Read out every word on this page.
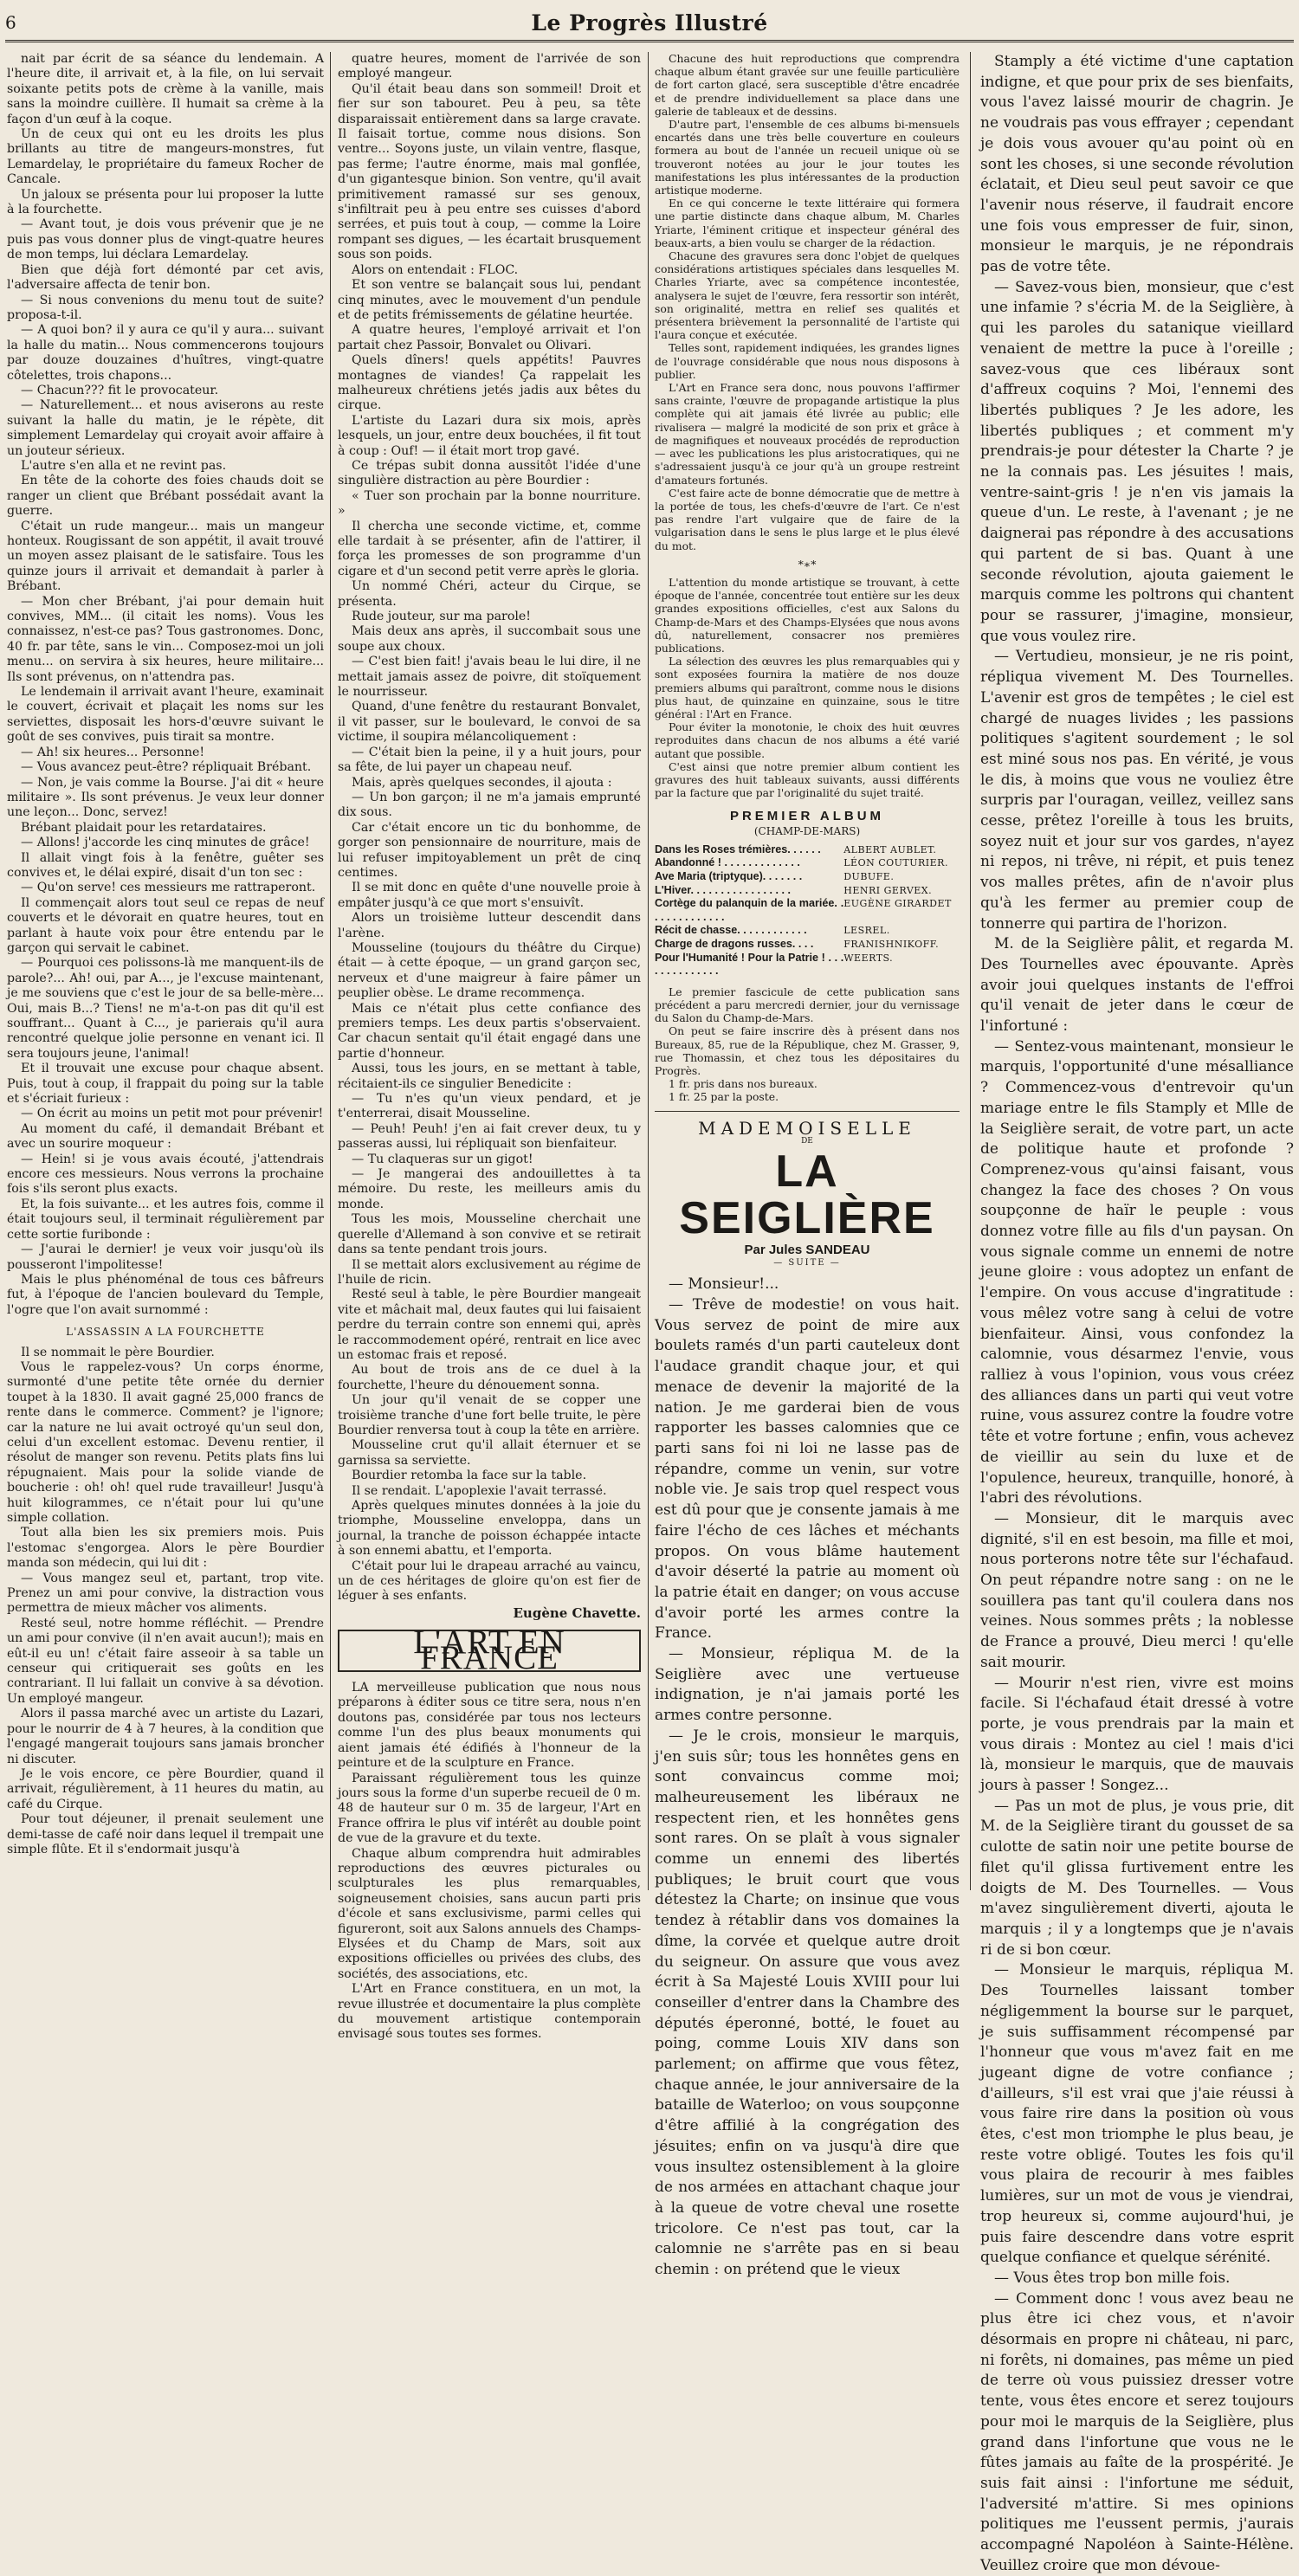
6	Le Progrès Illustré

nait par écrit de sa séance du lendemain. A l'heure dite, il arrivait et, à la file, on lui servait soixante petits pots de crème à la vanille, mais sans la moindre cuillère. Il humait sa crème à la façon d'un œuf à la coque.

Un de ceux qui ont eu les droits les plus brillants au titre de mangeurs-monstres, fut Lemardelay, le propriétaire du fameux Rocher de Cancale.

Un jaloux se présenta pour lui proposer la lutte à la fourchette.

— Avant tout, je dois vous prévenir que je ne puis pas vous donner plus de vingt-quatre heures de mon temps, lui déclara Lemardelay.

Bien que déjà fort démonté par cet avis, l'adversaire affecta de tenir bon.

— Si nous convenions du menu tout de suite? proposa-t-il.

— A quoi bon? il y aura ce qu'il y aura... suivant la halle du matin... Nous commencerons toujours par douze douzaines d'huîtres, vingt-quatre côtelettes, trois chapons...

— Chacun??? fit le provocateur.

— Naturellement... et nous aviserons au reste suivant la halle du matin, je le répète, dit simplement Lemardelay qui croyait avoir affaire à un jouteur sérieux.

L'autre s'en alla et ne revint pas.

En tête de la cohorte des foies chauds doit se ranger un client que Brébant possédait avant la guerre.

C'était un rude mangeur... mais un mangeur honteux. Rougissant de son appétit, il avait trouvé un moyen assez plaisant de le satisfaire. Tous les quinze jours il arrivait et demandait à parler à Brébant.

— Mon cher Brébant, j'ai pour demain huit convives, MM... (il citait les noms). Vous les connaissez, n'est-ce pas? Tous gastronomes. Donc, 40 fr. par tête, sans le vin... Composez-moi un joli menu... on servira à six heures, heure militaire... Ils sont prévenus, on n'attendra pas.

Le lendemain il arrivait avant l'heure, examinait le couvert, écrivait et plaçait les noms sur les serviettes, disposait les hors-d'œuvre suivant le goût de ses convives, puis tirait sa montre.

— Ah! six heures... Personne!

— Vous avancez peut-être? répliquait Brébant.

— Non, je vais comme la Bourse. J'ai dit « heure militaire ». Ils sont prévenus. Je veux leur donner une leçon... Donc, servez!

Brébant plaidait pour les retardataires.

— Allons! j'accorde les cinq minutes de grâce!

Il allait vingt fois à la fenêtre, guêter ses convives et, le délai expiré, disait d'un ton sec :

— Qu'on serve! ces messieurs me rattraperont.

Il commençait alors tout seul ce repas de neuf couverts et le dévorait en quatre heures, tout en parlant à haute voix pour être entendu par le garçon qui servait le cabinet.

— Pourquoi ces polissons-là me manquent-ils de parole?... Ah! oui, par A..., je l'excuse maintenant, je me souviens que c'est le jour de sa belle-mère... Oui, mais B...? Tiens! ne m'a-t-on pas dit qu'il est souffrant... Quant à C..., je parierais qu'il aura rencontré quelque jolie personne en venant ici. Il sera toujours jeune, l'animal!

Et il trouvait une excuse pour chaque absent. Puis, tout à coup, il frappait du poing sur la table et s'écriait furieux :

— On écrit au moins un petit mot pour prévenir!

Au moment du café, il demandait Brébant et avec un sourire moqueur :

— Hein! si je vous avais écouté, j'attendrais encore ces messieurs. Nous verrons la prochaine fois s'ils seront plus exacts.

Et, la fois suivante... et les autres fois, comme il était toujours seul, il terminait régulièrement par cette sortie furibonde :

— J'aurai le dernier! je veux voir jusqu'où ils pousseront l'impolitesse!

Mais le plus phénoménal de tous ces bâfreurs fut, à l'époque de l'ancien boulevard du Temple, l'ogre que l'on avait surnommé :

L'ASSASSIN A LA FOURCHETTE

Il se nommait le père Bourdier.

Vous le rappelez-vous? Un corps énorme, surmonté d'une petite tête ornée du dernier toupet à la 1830. Il avait gagné 25,000 francs de rente dans le commerce. Comment? je l'ignore; car la nature ne lui avait octroyé qu'un seul don, celui d'un excellent estomac. Devenu rentier, il résolut de manger son revenu. Petits plats fins lui répugnaient. Mais pour la solide viande de boucherie : oh! oh! quel rude travailleur! Jusqu'à huit kilogrammes, ce n'était pour lui qu'une simple collation.

Tout alla bien les six premiers mois. Puis l'estomac s'engorgea. Alors le père Bourdier manda son médecin, qui lui dit :

— Vous mangez seul et, partant, trop vite. Prenez un ami pour convive, la distraction vous permettra de mieux mâcher vos aliments.

Resté seul, notre homme réfléchit. — Prendre un ami pour convive (il n'en avait aucun!); mais en eût-il eu un! c'était faire asseoir à sa table un censeur qui critiquerait ses goûts en les contrariant. Il lui fallait un convive à sa dévotion. Un employé mangeur.

Alors il passa marché avec un artiste du Lazari, pour le nourrir de 4 à 7 heures, à la condition que l'engagé mangerait toujours sans jamais broncher ni discuter.

Je le vois encore, ce père Bourdier, quand il arrivait, régulièrement, à 11 heures du matin, au café du Cirque.

Pour tout déjeuner, il prenait seulement une demi-tasse de café noir dans lequel il trempait une simple flûte. Et il s'endormait jusqu'à

quatre heures, moment de l'arrivée de son employé mangeur.

Qu'il était beau dans son sommeil! Droit et fier sur son tabouret. Peu à peu, sa tête disparaissait entièrement dans sa large cravate. Il faisait tortue, comme nous disions. Son ventre... Soyons juste, un vilain ventre, flasque, pas ferme; l'autre énorme, mais mal gonflée, d'un gigantesque binion. Son ventre, qu'il avait primitivement ramassé sur ses genoux, s'infiltrait peu à peu entre ses cuisses d'abord serrées, et puis tout à coup, — comme la Loire rompant ses digues, — les écartait brusquement sous son poids.

Alors on entendait : FLOC.

Et son ventre se balançait sous lui, pendant cinq minutes, avec le mouvement d'un pendule et de petits frémissements de gélatine heurtée.

A quatre heures, l'employé arrivait et l'on partait chez Passoir, Bonvalet ou Olivari.

Quels dîners! quels appétits! Pauvres montagnes de viandes! Ça rappelait les malheureux chrétiens jetés jadis aux bêtes du cirque.

L'artiste du Lazari dura six mois, après lesquels, un jour, entre deux bouchées, il fit tout à coup : Ouf! — il était mort trop gavé.

Ce trépas subit donna aussitôt l'idée d'une singulière distraction au père Bourdier :

« Tuer son prochain par la bonne nourriture. »

Il chercha une seconde victime, et, comme elle tardait à se présenter, afin de l'attirer, il força les promesses de son programme d'un cigare et d'un second petit verre après le gloria.

Un nommé Chéri, acteur du Cirque, se présenta.

Rude jouteur, sur ma parole!

Mais deux ans après, il succombait sous une soupe aux choux.

— C'est bien fait! j'avais beau le lui dire, il ne mettait jamais assez de poivre, dit stoïquement le nourrisseur.

Quand, d'une fenêtre du restaurant Bonvalet, il vit passer, sur le boulevard, le convoi de sa victime, il soupira mélancoliquement :

— C'était bien la peine, il y a huit jours, pour sa fête, de lui payer un chapeau neuf.

Mais, après quelques secondes, il ajouta :

— Un bon garçon; il ne m'a jamais emprunté dix sous.

Car c'était encore un tic du bonhomme, de gorger son pensionnaire de nourriture, mais de lui refuser impitoyablement un prêt de cinq centimes.

Il se mit donc en quête d'une nouvelle proie à empâter jusqu'à ce que mort s'ensuivît.

Alors un troisième lutteur descendit dans l'arène.

Mousseline (toujours du théâtre du Cirque) était — à cette époque, — un grand garçon sec, nerveux et d'une maigreur à faire pâmer un peuplier obèse. Le drame recommença.

Mais ce n'était plus cette confiance des premiers temps. Les deux partis s'observaient. Car chacun sentait qu'il était engagé dans une partie d'honneur.

Aussi, tous les jours, en se mettant à table, récitaient-ils ce singulier Benedicite :

— Tu n'es qu'un vieux pendard, et je t'enterrerai, disait Mousseline.

— Peuh! Peuh! j'en ai fait crever deux, tu y passeras aussi, lui répliquait son bienfaiteur.

— Tu claqueras sur un gigot!

— Je mangerai des andouillettes à ta mémoire. Du reste, les meilleurs amis du monde.

Tous les mois, Mousseline cherchait une querelle d'Allemand à son convive et se retirait dans sa tente pendant trois jours.

Il se mettait alors exclusivement au régime de l'huile de ricin.

Resté seul à table, le père Bourdier mangeait vite et mâchait mal, deux fautes qui lui faisaient perdre du terrain contre son ennemi qui, après le raccommodement opéré, rentrait en lice avec un estomac frais et reposé.

Au bout de trois ans de ce duel à la fourchette, l'heure du dénouement sonna.

Un jour qu'il venait de se copper une troisième tranche d'une fort belle truite, le père Bourdier renversa tout à coup la tête en arrière.

Mousseline crut qu'il allait éternuer et se garnissa sa serviette.

Bourdier retomba la face sur la table.

Il se rendait. L'apoplexie l'avait terrassé.

Après quelques minutes données à la joie du triomphe, Mousseline enveloppa, dans un journal, la tranche de poisson échappée intacte à son ennemi abattu, et l'emporta.

C'était pour lui le drapeau arraché au vaincu, un de ces héritages de gloire qu'on est fier de léguer à ses enfants.

Eugène Chavette.

L'ART EN FRANCE

LA merveilleuse publication que nous nous préparons à éditer sous ce titre sera, nous n'en doutons pas, considérée par tous nos lecteurs comme l'un des plus beaux monuments qui aient jamais été édifiés à l'honneur de la peinture et de la sculpture en France.

Paraissant régulièrement tous les quinze jours sous la forme d'un superbe recueil de 0 m. 48 de hauteur sur 0 m. 35 de largeur, l'Art en France offrira le plus vif intérêt au double point de vue de la gravure et du texte.

Chaque album comprendra huit admirables reproductions des œuvres picturales ou sculpturales les plus remarquables, soigneusement choisies, sans aucun parti pris d'école et sans exclusivisme, parmi celles qui figureront, soit aux Salons annuels des Champs-Elysées et du Champ de Mars, soit aux expositions officielles ou privées des clubs, des sociétés, des associations, etc.

L'Art en France constituera, en un mot, la revue illustrée et documentaire la plus complète du mouvement artistique contemporain envisagé sous toutes ses formes.

Chacune des huit reproductions que comprendra chaque album étant gravée sur une feuille particulière de fort carton glacé, sera susceptible d'être encadrée et de prendre individuellement sa place dans une galerie de tableaux et de dessins.

D'autre part, l'ensemble de ces albums bi-mensuels encartés dans une très belle couverture en couleurs formera au bout de l'année un recueil unique où se trouveront notées au jour le jour toutes les manifestations les plus intéressantes de la production artistique moderne.

En ce qui concerne le texte littéraire qui formera une partie distincte dans chaque album, M. Charles Yriarte, l'éminent critique et inspecteur général des beaux-arts, a bien voulu se charger de la rédaction.

Chacune des gravures sera donc l'objet de quelques considérations artistiques spéciales dans lesquelles M. Charles Yriarte, avec sa compétence incontestée, analysera le sujet de l'œuvre, fera ressortir son intérêt, son originalité, mettra en relief ses qualités et présentera brièvement la personnalité de l'artiste qui l'aura conçue et exécutée.

Telles sont, rapidement indiquées, les grandes lignes de l'ouvrage considérable que nous nous disposons à publier.

L'Art en France sera donc, nous pouvons l'affirmer sans crainte, l'œuvre de propagande artistique la plus complète qui ait jamais été livrée au public; elle rivalisera — malgré la modicité de son prix et grâce à de magnifiques et nouveaux procédés de reproduction — avec les publications les plus aristocratiques, qui ne s'adressaient jusqu'à ce jour qu'à un groupe restreint d'amateurs fortunés.

C'est faire acte de bonne démocratie que de mettre à la portée de tous, les chefs-d'œuvre de l'art. Ce n'est pas rendre l'art vulgaire que de faire de la vulgarisation dans le sens le plus large et le plus élevé du mot.

*∗*

L'attention du monde artistique se trouvant, à cette époque de l'année, concentrée tout entière sur les deux grandes expositions officielles, c'est aux Salons du Champ-de-Mars et des Champs-Elysées que nous avons dû, naturellement, consacrer nos premières publications.

La sélection des œuvres les plus remarquables qui y sont exposées fournira la matière de nos douze premiers albums qui paraîtront, comme nous le disions plus haut, de quinzaine en quinzaine, sous le titre général : l'Art en France.

Pour éviter la monotonie, le choix des huit œuvres reproduites dans chacun de nos albums a été varié autant que possible.

C'est ainsi que notre premier album contient les gravures des huit tableaux suivants, aussi différents par la facture que par l'originalité du sujet traité.

PREMIER ALBUM

(CHAMP-DE-MARS)

Dans les Roses trémières. . . . . .	ALBERT AUBLET.
Abandonné ! . . . . . . . . . . . . .	LÉON COUTURIER.
Ave Maria (triptyque). . . . . . .	DUBUFE.
L'Hiver. . . . . . . . . . . . . . . . .	HENRI GERVEX.
Cortège du palanquin de la mariée. . . . . . . . . . . . . .	EUGÈNE GIRARDET
Récit de chasse. . . . . . . . . . . .	LESREL.
Charge de dragons russes. . . .	FRANISHNIKOFF.
Pour l'Humanité ! Pour la Patrie ! . . . . . . . . . . . . . .	WEERTS.

Le premier fascicule de cette publication sans précédent a paru mercredi dernier, jour du vernissage du Salon du Champ-de-Mars.

On peut se faire inscrire dès à présent dans nos Bureaux, 85, rue de la République, chez M. Grasser, 9, rue Thomassin, et chez tous les dépositaires du Progrès.

1 fr. pris dans nos bureaux.

1 fr. 25 par la poste.

MADEMOISELLE

DE

LA SEIGLIÈRE

Par Jules SANDEAU

— SUITE —

— Monsieur!...

— Trêve de modestie! on vous hait. Vous servez de point de mire aux boulets ramés d'un parti cauteleux dont l'audace grandit chaque jour, et qui menace de devenir la majorité de la nation. Je me garderai bien de vous rapporter les basses calomnies que ce parti sans foi ni loi ne lasse pas de répandre, comme un venin, sur votre noble vie. Je sais trop quel respect vous est dû pour que je consente jamais à me faire l'écho de ces lâches et méchants propos. On vous blâme hautement d'avoir déserté la patrie au moment où la patrie était en danger; on vous accuse d'avoir porté les armes contre la France.

— Monsieur, répliqua M. de la Seiglière avec une vertueuse indignation, je n'ai jamais porté les armes contre personne.

— Je le crois, monsieur le marquis, j'en suis sûr; tous les honnêtes gens en sont convaincus comme moi; malheureusement les libéraux ne respectent rien, et les honnêtes gens sont rares. On se plaît à vous signaler comme un ennemi des libertés publiques; le bruit court que vous détestez la Charte; on insinue que vous tendez à rétablir dans vos domaines la dîme, la corvée et quelque autre droit du seigneur. On assure que vous avez écrit à Sa Majesté Louis XVIII pour lui conseiller d'entrer dans la Chambre des députés éperonné, botté, le fouet au poing, comme Louis XIV dans son parlement; on affirme que vous fêtez, chaque année, le jour anniversaire de la bataille de Waterloo; on vous soupçonne d'être affilié à la congrégation des jésuites; enfin on va jusqu'à dire que vous insultez ostensiblement à la gloire de nos armées en attachant chaque jour à la queue de votre cheval une rosette tricolore. Ce n'est pas tout, car la calomnie ne s'arrête pas en si beau chemin : on prétend que le vieux

Stamply a été victime d'une captation indigne, et que pour prix de ses bienfaits, vous l'avez laissé mourir de chagrin. Je ne voudrais pas vous effrayer ; cependant je dois vous avouer qu'au point où en sont les choses, si une seconde révolution éclatait, et Dieu seul peut savoir ce que l'avenir nous réserve, il faudrait encore une fois vous empresser de fuir, sinon, monsieur le marquis, je ne répondrais pas de votre tête.

— Savez-vous bien, monsieur, que c'est une infamie ? s'écria M. de la Seiglière, à qui les paroles du satanique vieillard venaient de mettre la puce à l'oreille ; savez-vous que ces libéraux sont d'affreux coquins ? Moi, l'ennemi des libertés publiques ? Je les adore, les libertés publiques ; et comment m'y prendrais-je pour détester la Charte ? je ne la connais pas. Les jésuites ! mais, ventre-saint-gris ! je n'en vis jamais la queue d'un. Le reste, à l'avenant ; je ne daignerai pas répondre à des accusations qui partent de si bas. Quant à une seconde révolution, ajouta gaiement le marquis comme les poltrons qui chantent pour se rassurer, j'imagine, monsieur, que vous voulez rire.

— Vertudieu, monsieur, je ne ris point, répliqua vivement M. Des Tournelles. L'avenir est gros de tempêtes ; le ciel est chargé de nuages livides ; les passions politiques s'agitent sourdement ; le sol est miné sous nos pas. En vérité, je vous le dis, à moins que vous ne vouliez être surpris par l'ouragan, veillez, veillez sans cesse, prêtez l'oreille à tous les bruits, soyez nuit et jour sur vos gardes, n'ayez ni repos, ni trêve, ni répit, et puis tenez vos malles prêtes, afin de n'avoir plus qu'à les fermer au premier coup de tonnerre qui partira de l'horizon.

M. de la Seiglière pâlit, et regarda M. Des Tournelles avec épouvante. Après avoir joui quelques instants de l'effroi qu'il venait de jeter dans le cœur de l'infortuné :

— Sentez-vous maintenant, monsieur le marquis, l'opportunité d'une mésalliance ? Commencez-vous d'entrevoir qu'un mariage entre le fils Stamply et Mlle de la Seiglière serait, de votre part, un acte de politique haute et profonde ? Comprenez-vous qu'ainsi faisant, vous changez la face des choses ? On vous soupçonne de haïr le peuple : vous donnez votre fille au fils d'un paysan. On vous signale comme un ennemi de notre jeune gloire : vous adoptez un enfant de l'empire. On vous accuse d'ingratitude : vous mêlez votre sang à celui de votre bienfaiteur. Ainsi, vous confondez la calomnie, vous désarmez l'envie, vous ralliez à vous l'opinion, vous vous créez des alliances dans un parti qui veut votre ruine, vous assurez contre la foudre votre tête et votre fortune ; enfin, vous achevez de vieillir au sein du luxe et de l'opulence, heureux, tranquille, honoré, à l'abri des révolutions.

— Monsieur, dit le marquis avec dignité, s'il en est besoin, ma fille et moi, nous porterons notre tête sur l'échafaud. On peut répandre notre sang : on ne le souillera pas tant qu'il coulera dans nos veines. Nous sommes prêts ; la noblesse de France a prouvé, Dieu merci ! qu'elle sait mourir.

— Mourir n'est rien, vivre est moins facile. Si l'échafaud était dressé à votre porte, je vous prendrais par la main et vous dirais : Montez au ciel ! mais d'ici là, monsieur le marquis, que de mauvais jours à passer ! Songez...

— Pas un mot de plus, je vous prie, dit M. de la Seiglière tirant du gousset de sa culotte de satin noir une petite bourse de filet qu'il glissa furtivement entre les doigts de M. Des Tournelles. — Vous m'avez singulièrement diverti, ajouta le marquis ; il y a longtemps que je n'avais ri de si bon cœur.

— Monsieur le marquis, répliqua M. Des Tournelles laissant tomber négligemment la bourse sur le parquet, je suis suffisamment récompensé par l'honneur que vous m'avez fait en me jugeant digne de votre confiance ; d'ailleurs, s'il est vrai que j'aie réussi à vous faire rire dans la position où vous êtes, c'est mon triomphe le plus beau, je reste votre obligé. Toutes les fois qu'il vous plaira de recourir à mes faibles lumières, sur un mot de vous je viendrai, trop heureux si, comme aujourd'hui, je puis faire descendre dans votre esprit quelque confiance et quelque sérénité.

— Vous êtes trop bon mille fois.

— Comment donc ! vous avez beau ne plus être ici chez vous, et n'avoir désormais en propre ni château, ni parc, ni forêts, ni domaines, pas même un pied de terre où vous puissiez dresser votre tente, vous êtes encore et serez toujours pour moi le marquis de la Seiglière, plus grand dans l'infortune que vous ne le fûtes jamais au faîte de la prospérité. Je suis fait ainsi : l'infortune me séduit, l'adversité m'attire. Si mes opinions politiques me l'eussent permis, j'aurais accompagné Napoléon à Sainte-Hélène. Veuillez croire que mon dévoue-
